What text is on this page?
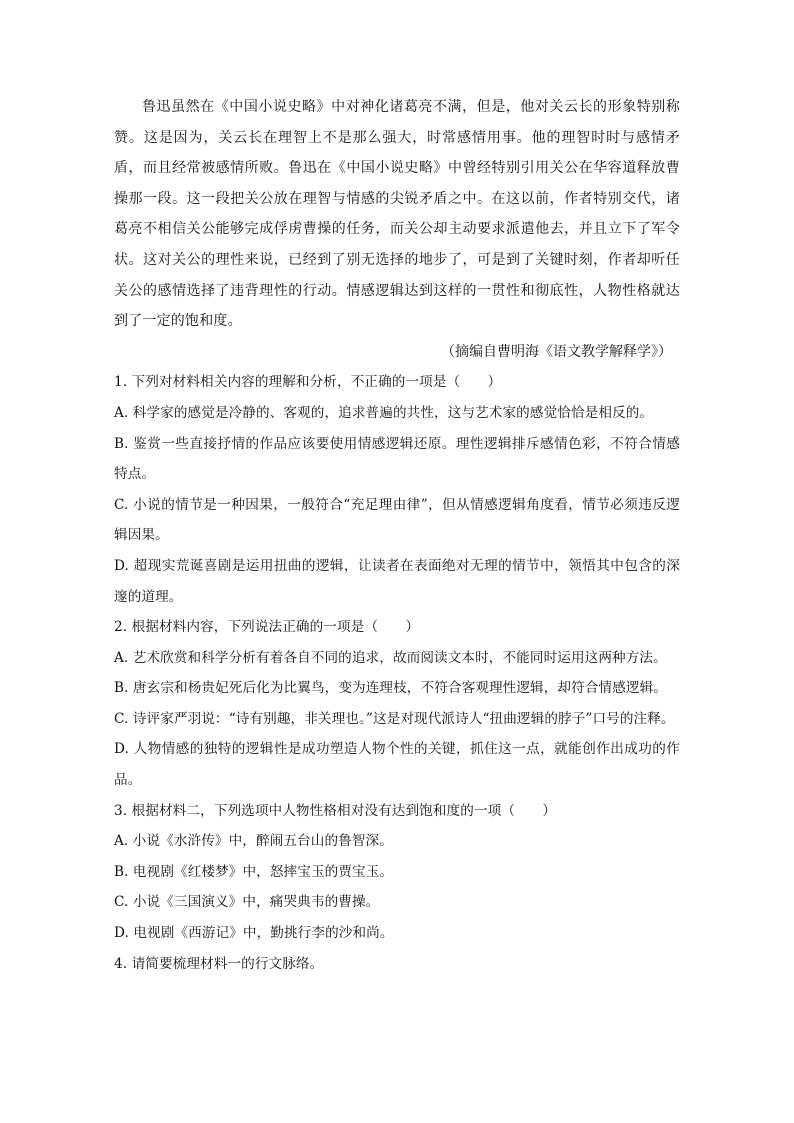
鲁迅虽然在《中国小说史略》中对神化诸葛亮不满，但是，他对关云长的形象特别称赞。这是因为，关云长在理智上不是那么强大，时常感情用事。他的理智时时与感情矛盾，而且经常被感情所败。鲁迅在《中国小说史略》中曾经特别引用关公在华容道释放曹操那一段。这一段把关公放在理智与情感的尖锐矛盾之中。在这以前，作者特别交代，诸葛亮不相信关公能够完成俘虏曹操的任务，而关公却主动要求派遣他去，并且立下了军令状。这对关公的理性来说，已经到了别无选择的地步了，可是到了关键时刻，作者却听任关公的感情选择了违背理性的行动。情感逻辑达到这样的一贯性和彻底性，人物性格就达到了一定的饱和度。

（摘编自曹明海《语文教学解释学》）

1. 下列对材料相关内容的理解和分析，不正确的一项是（　　）

A. 科学家的感觉是冷静的、客观的，追求普遍的共性，这与艺术家的感觉恰恰是相反的。

B. 鉴赏一些直接抒情的作品应该要使用情感逻辑还原。理性逻辑排斥感情色彩，不符合情感特点。

C. 小说的情节是一种因果，一般符合“充足理由律”，但从情感逻辑角度看，情节必须违反逻辑因果。

D. 超现实荒诞喜剧是运用扭曲的逻辑，让读者在表面绝对无理的情节中，领悟其中包含的深邃的道理。

2. 根据材料内容，下列说法正确的一项是（　　）

A. 艺术欣赏和科学分析有着各自不同的追求，故而阅读文本时，不能同时运用这两种方法。

B. 唐玄宗和杨贵妃死后化为比翼鸟，变为连理枝，不符合客观理性逻辑，却符合情感逻辑。

C. 诗评家严羽说：“诗有别趣，非关理也。”这是对现代派诗人“扭曲逻辑的脖子”口号的注释。

D. 人物情感的独特的逻辑性是成功塑造人物个性的关键，抓住这一点，就能创作出成功的作品。

3. 根据材料二，下列选项中人物性格相对没有达到饱和度的一项（　　）

A. 小说《水浒传》中，醉闹五台山的鲁智深。

B. 电视剧《红楼梦》中，怒摔宝玉的贾宝玉。

C. 小说《三国演义》中，痛哭典韦的曹操。

D. 电视剧《西游记》中，勤挑行李的沙和尚。

4. 请简要梳理材料一的行文脉络。
